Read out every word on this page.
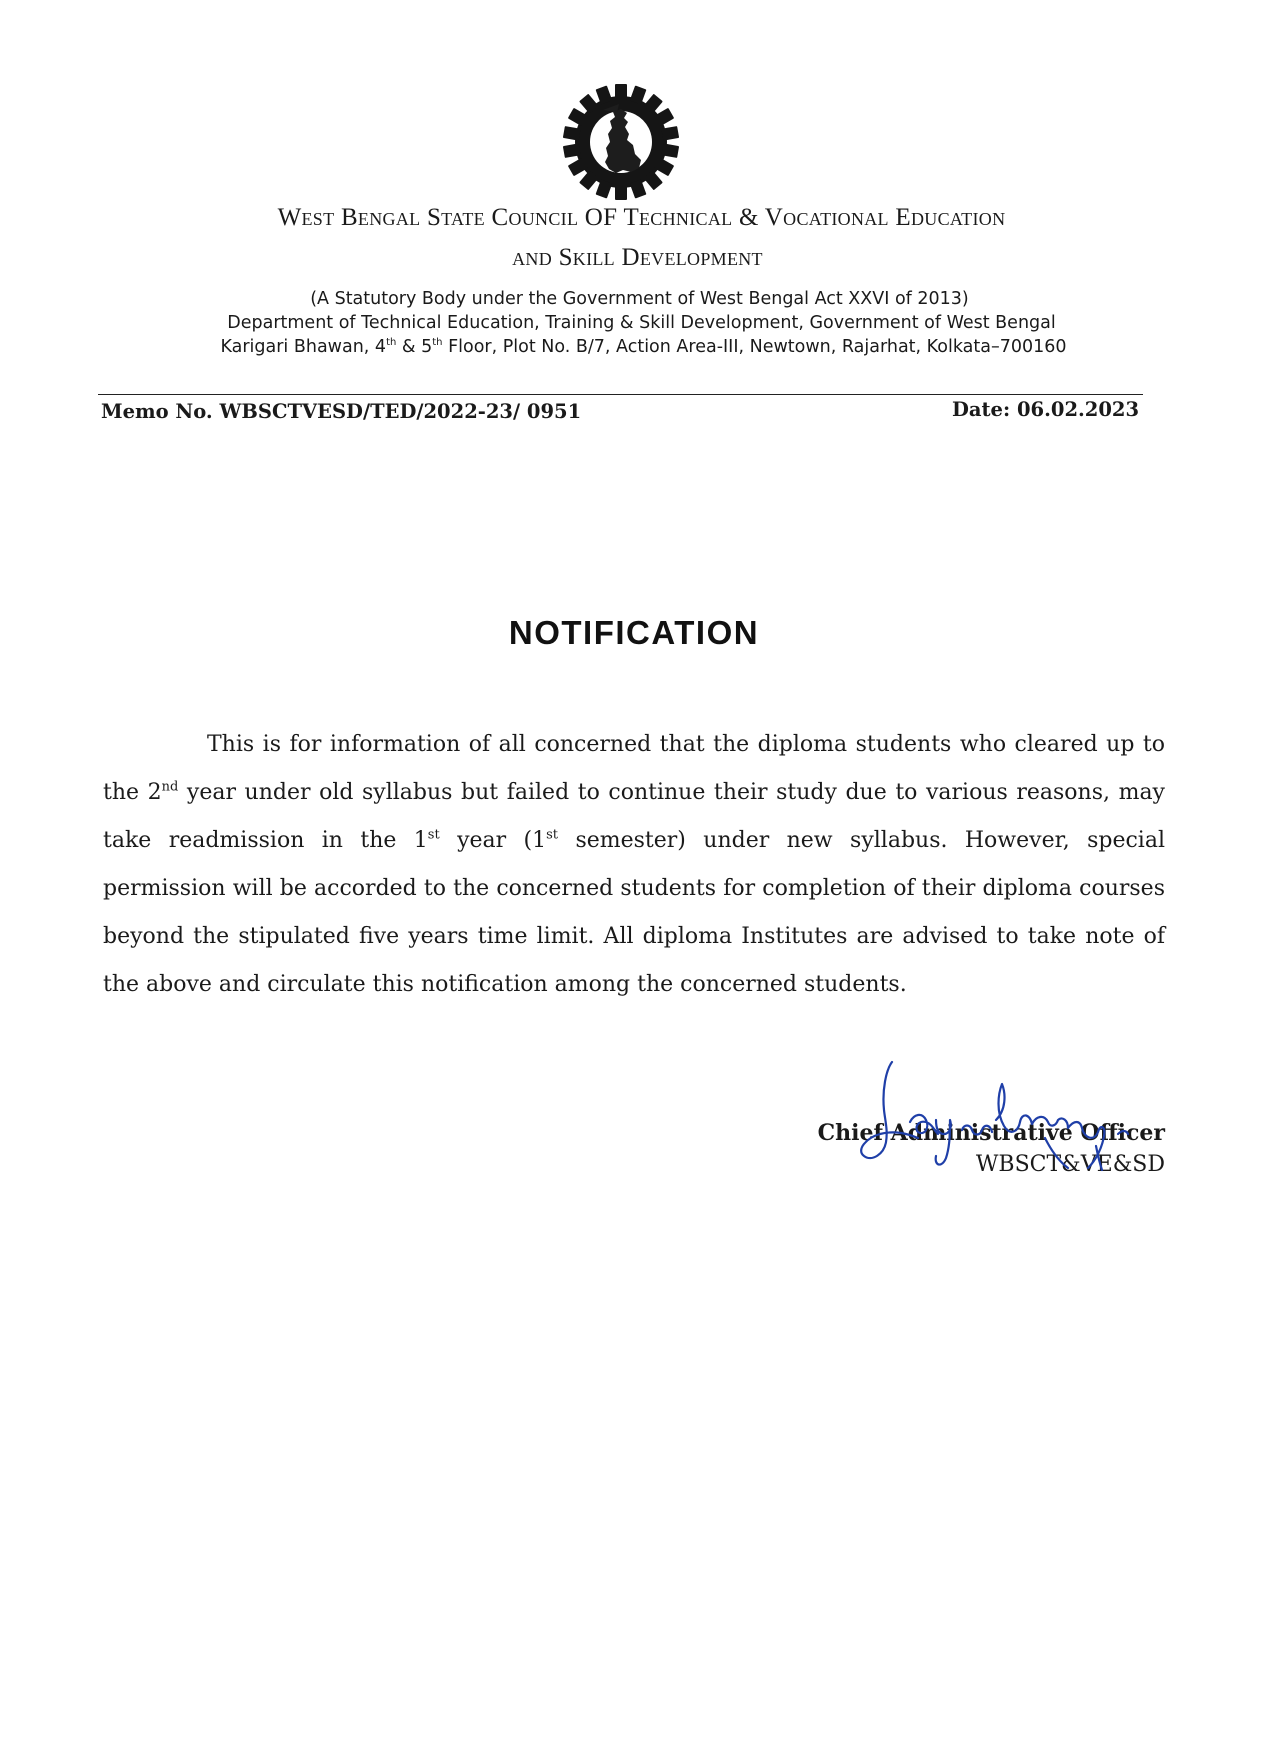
West Bengal State Council OF Technical & Vocational Education
and Skill Development
(A Statutory Body under the Government of West Bengal Act XXVI of 2013)
Department of Technical Education, Training & Skill Development, Government of West Bengal
Karigari Bhawan, 4th & 5th Floor, Plot No. B/7, Action Area-III, Newtown, Rajarhat, Kolkata–700160
Memo No. WBSCTVESD/TED/2022-23/ 0951	Date: 06.02.2023
NOTIFICATION

This is for information of all concerned that the diploma students who cleared up to the 2nd year under old syllabus but failed to continue their study due to various reasons, may take readmission in the 1st year (1st semester) under new syllabus. However, special permission will be accorded to the concerned students for completion of their diploma courses beyond the stipulated five years time limit. All diploma Institutes are advised to take note of the above and circulate this notification among the concerned students.

Chief Administrative Officer
WBSCT&VE&SD
